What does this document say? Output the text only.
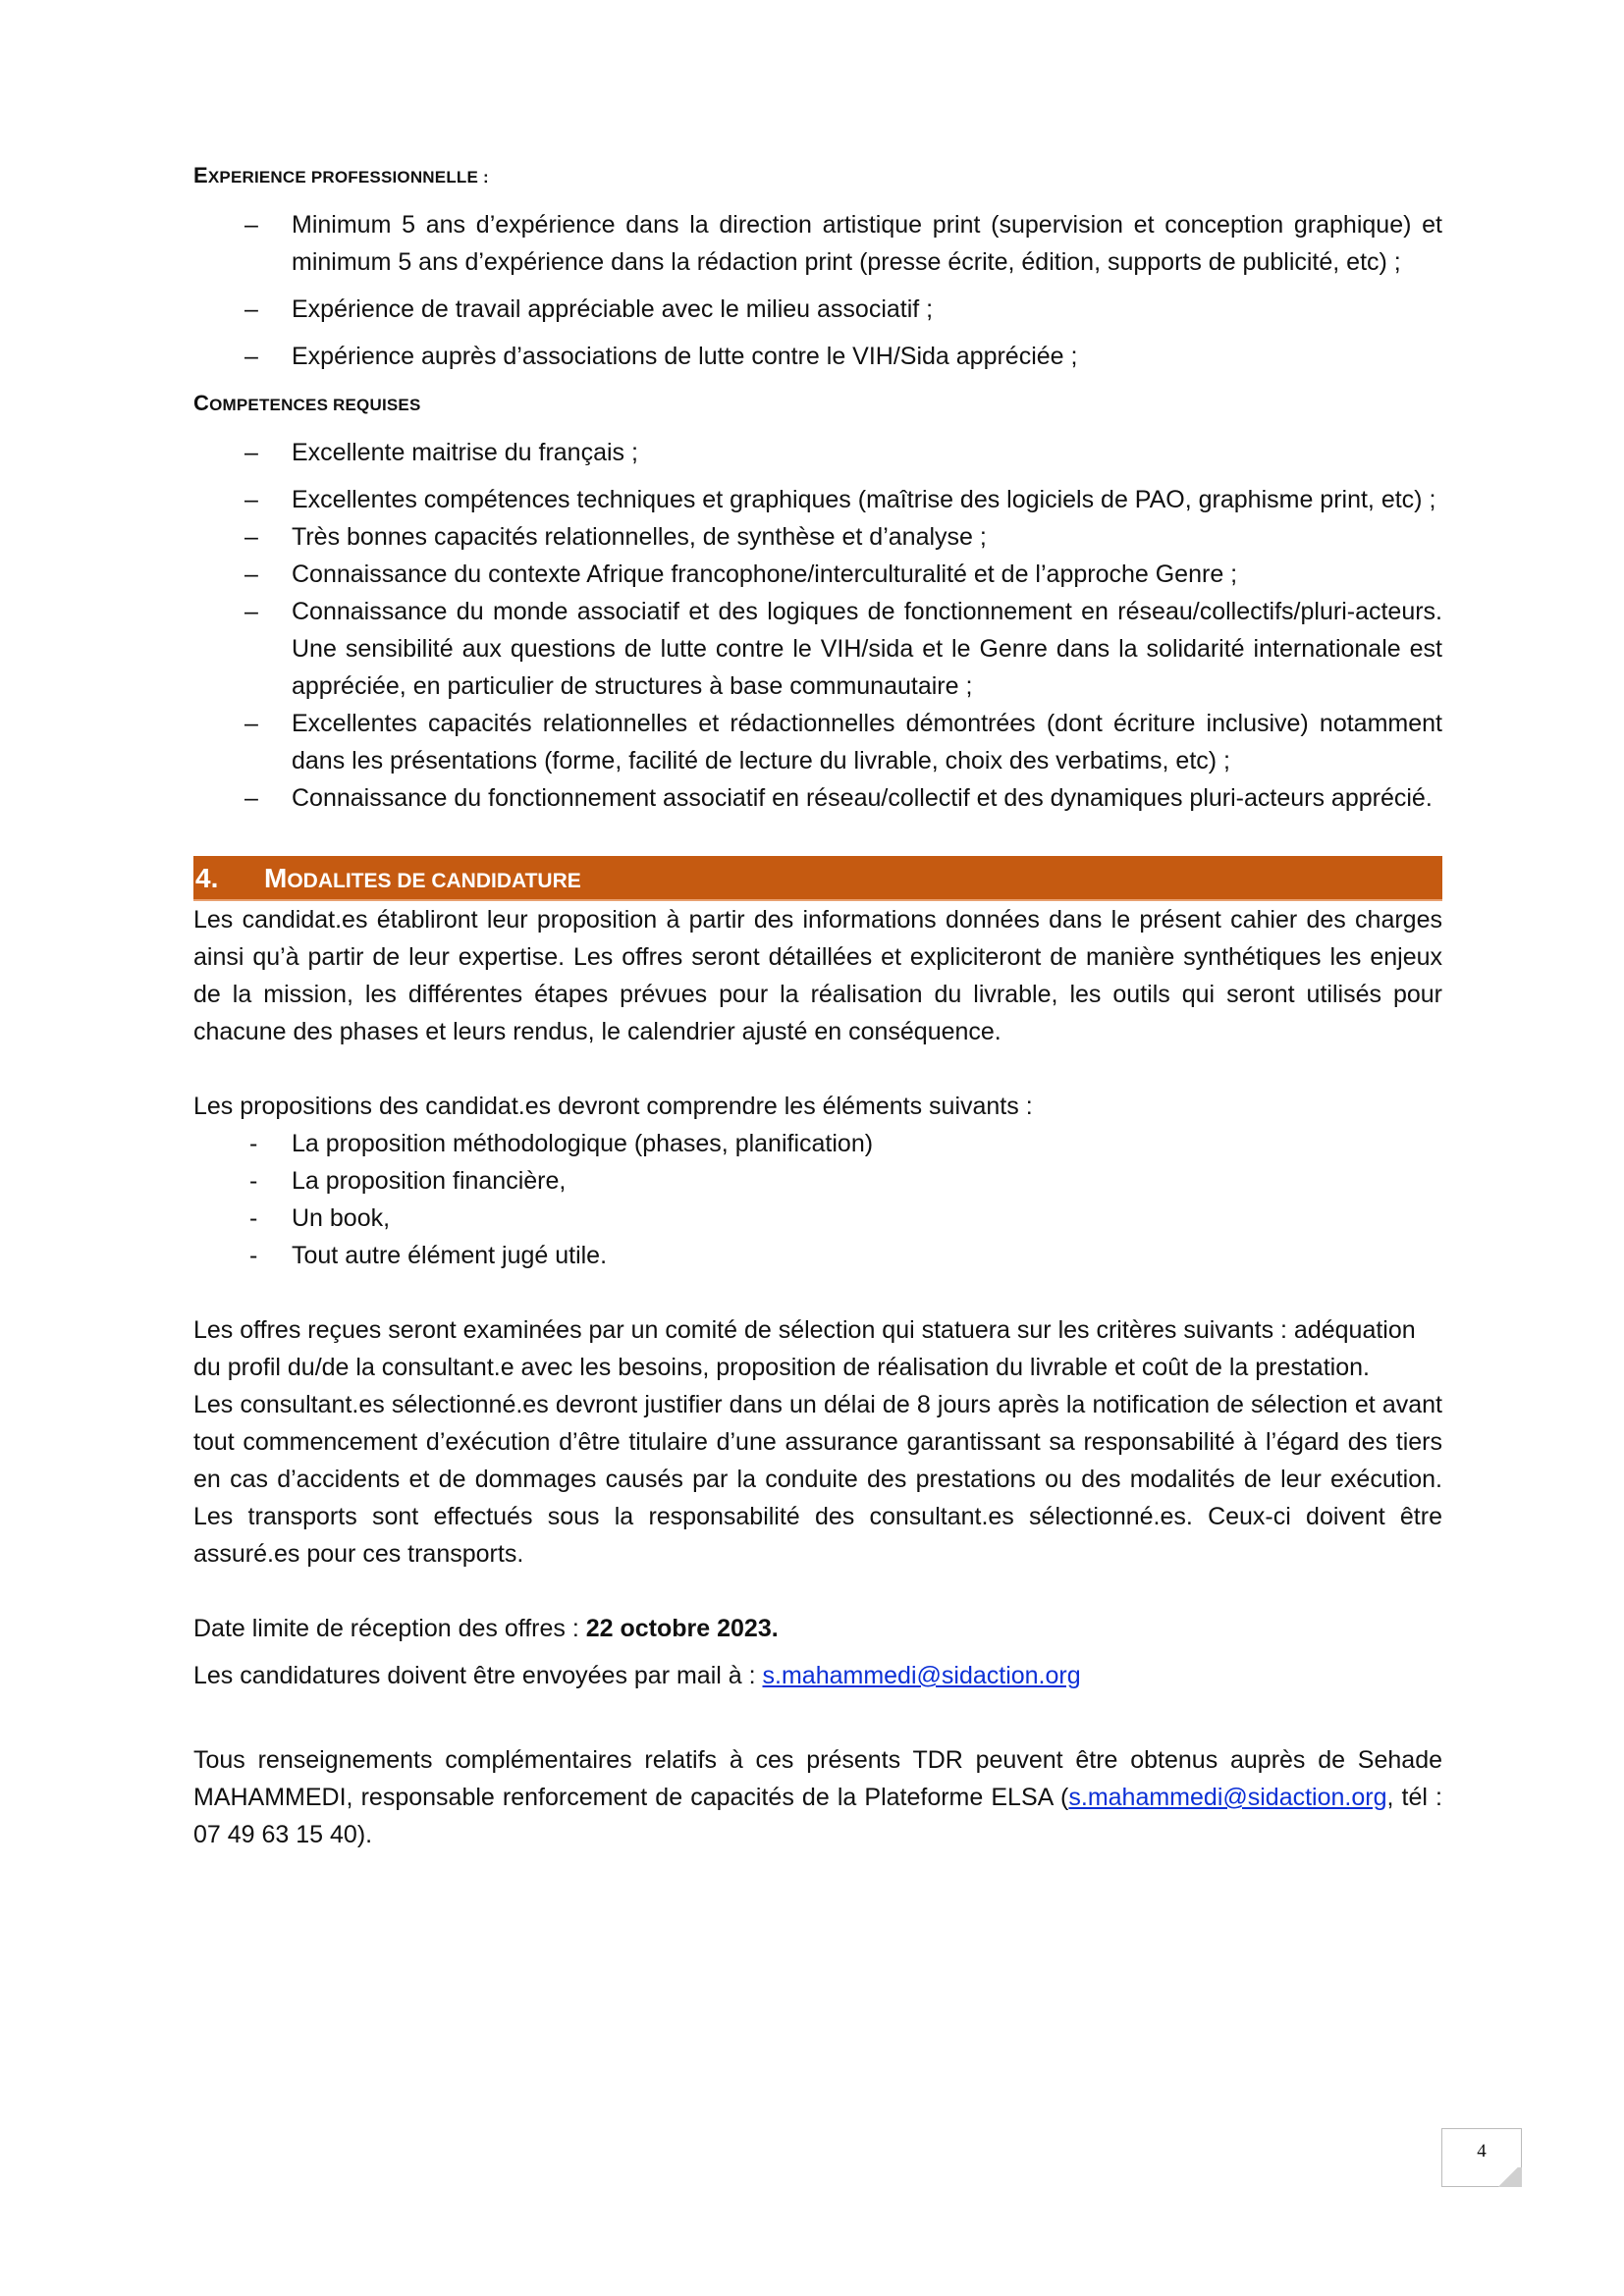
EXPERIENCE PROFESSIONNELLE :
– Minimum 5 ans d’expérience dans la direction artistique print (supervision et conception graphique) et minimum 5 ans d’expérience dans la rédaction print (presse écrite, édition, supports de publicité, etc) ;
– Expérience de travail appréciable avec le milieu associatif ;
– Expérience auprès d’associations de lutte contre le VIH/Sida appréciée ;
COMPETENCES REQUISES
– Excellente maitrise du français ;
– Excellentes compétences techniques et graphiques (maîtrise des logiciels de PAO, graphisme print, etc) ;
– Très bonnes capacités relationnelles, de synthèse et d’analyse ;
– Connaissance du contexte Afrique francophone/interculturalité et de l’approche Genre ;
– Connaissance du monde associatif et des logiques de fonctionnement en réseau/collectifs/pluri-acteurs. Une sensibilité aux questions de lutte contre le VIH/sida et le Genre dans la solidarité internationale est appréciée, en particulier de structures à base communautaire ;
– Excellentes capacités relationnelles et rédactionnelles démontrées (dont écriture inclusive) notamment dans les présentations (forme, facilité de lecture du livrable, choix des verbatims, etc) ;
– Connaissance du fonctionnement associatif en réseau/collectif et des dynamiques pluri-acteurs apprécié.
4. MODALITES DE CANDIDATURE

Les candidat.es établiront leur proposition à partir des informations données dans le présent cahier des charges ainsi qu’à partir de leur expertise. Les offres seront détaillées et expliciteront de manière synthétiques les enjeux de la mission, les différentes étapes prévues pour la réalisation du livrable, les outils qui seront utilisés pour chacune des phases et leurs rendus, le calendrier ajusté en conséquence.

Les propositions des candidat.es devront comprendre les éléments suivants :

- La proposition méthodologique (phases, planification)
- La proposition financière,
- Un book,
- Tout autre élément jugé utile.

Les offres reçues seront examinées par un comité de sélection qui statuera sur les critères suivants : adéquation du profil du/de la consultant.e avec les besoins, proposition de réalisation du livrable et coût de la prestation.

Les consultant.es sélectionné.es devront justifier dans un délai de 8 jours après la notification de sélection et avant tout commencement d’exécution d’être titulaire d’une assurance garantissant sa responsabilité à l’égard des tiers en cas d’accidents et de dommages causés par la conduite des prestations ou des modalités de leur exécution. Les transports sont effectués sous la responsabilité des consultant.es sélectionné.es. Ceux-ci doivent être assuré.es pour ces transports.

Date limite de réception des offres : 22 octobre 2023.

Les candidatures doivent être envoyées par mail à : s.mahammedi@sidaction.org

Tous renseignements complémentaires relatifs à ces présents TDR peuvent être obtenus auprès de Sehade MAHAMMEDI, responsable renforcement de capacités de la Plateforme ELSA (s.mahammedi@sidaction.org, tél : 07 49 63 15 40).

4
